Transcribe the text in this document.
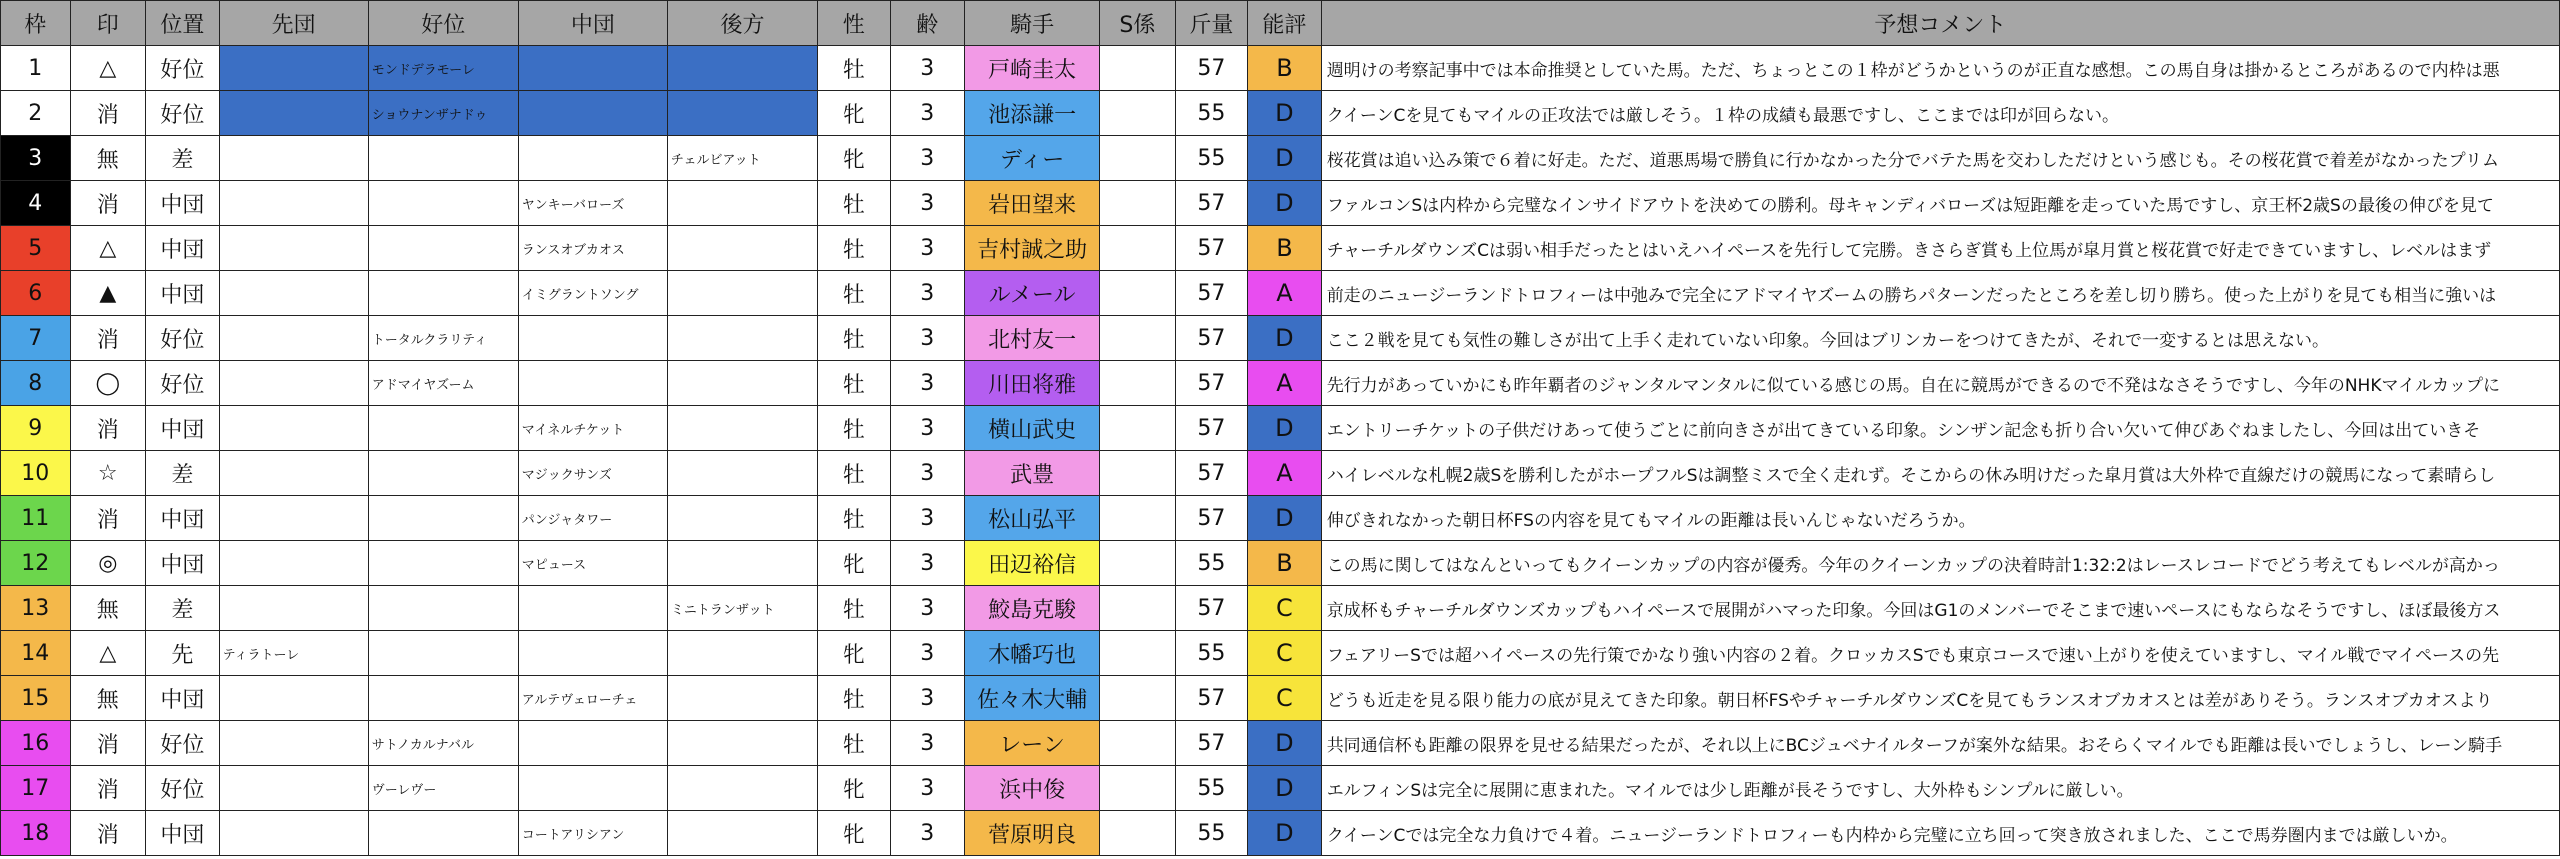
枠	印	位置	先団	好位	中団	後方	性	齢	騎手	S係	斤量	能評	予想コメント
1	△	好位		モンドデラモーレ			牡	3	戸崎圭太		57	B	週明けの考察記事中では本命推奨としていた馬。ただ、ちょっとこの１枠がどうかというのが正直な感想。この馬自身は掛かるところがあるので内枠は悪
2	消	好位		ショウナンザナドゥ			牝	3	池添謙一		55	D	クイーンCを見てもマイルの正攻法では厳しそう。１枠の成績も最悪ですし、ここまでは印が回らない。
3	無	差				チェルビアット	牝	3	ディー		55	D	桜花賞は追い込み策で６着に好走。ただ、道悪馬場で勝負に行かなかった分でバテた馬を交わしただけという感じも。その桜花賞で着差がなかったプリム
4	消	中団			ヤンキーバローズ		牡	3	岩田望来		57	D	ファルコンSは内枠から完璧なインサイドアウトを決めての勝利。母キャンディバローズは短距離を走っていた馬ですし、京王杯2歳Sの最後の伸びを見て
5	△	中団			ランスオブカオス		牡	3	吉村誠之助		57	B	チャーチルダウンズCは弱い相手だったとはいえハイペースを先行して完勝。きさらぎ賞も上位馬が皐月賞と桜花賞で好走できていますし、レベルはまず
6	▲	中団			イミグラントソング		牡	3	ルメール		57	A	前走のニュージーランドトロフィーは中弛みで完全にアドマイヤズームの勝ちパターンだったところを差し切り勝ち。使った上がりを見ても相当に強いは
7	消	好位		トータルクラリティ			牡	3	北村友一		57	D	ここ２戦を見ても気性の難しさが出て上手く走れていない印象。今回はブリンカーをつけてきたが、それで一変するとは思えない。
8	◯	好位		アドマイヤズーム			牡	3	川田将雅		57	A	先行力があっていかにも昨年覇者のジャンタルマンタルに似ている感じの馬。自在に競馬ができるので不発はなさそうですし、今年のNHKマイルカップに
9	消	中団			マイネルチケット		牡	3	横山武史		57	D	エントリーチケットの子供だけあって使うごとに前向きさが出てきている印象。シンザン記念も折り合い欠いて伸びあぐねましたし、今回は出ていきそ
10	☆	差			マジックサンズ		牡	3	武豊		57	A	ハイレベルな札幌2歳Sを勝利したがホープフルSは調整ミスで全く走れず。そこからの休み明けだった皐月賞は大外枠で直線だけの競馬になって素晴らし
11	消	中団			パンジャタワー		牡	3	松山弘平		57	D	伸びきれなかった朝日杯FSの内容を見てもマイルの距離は長いんじゃないだろうか。
12	◎	中団			マピュース		牝	3	田辺裕信		55	B	この馬に関してはなんといってもクイーンカップの内容が優秀。今年のクイーンカップの決着時計1:32:2はレースレコードでどう考えてもレベルが高かっ
13	無	差				ミニトランザット	牡	3	鮫島克駿		57	C	京成杯もチャーチルダウンズカップもハイペースで展開がハマった印象。今回はG1のメンバーでそこまで速いペースにもならなそうですし、ほぼ最後方ス
14	△	先	ティラトーレ				牝	3	木幡巧也		55	C	フェアリーSでは超ハイペースの先行策でかなり強い内容の２着。クロッカスSでも東京コースで速い上がりを使えていますし、マイル戦でマイペースの先
15	無	中団			アルテヴェローチェ		牡	3	佐々木大輔		57	C	どうも近走を見る限り能力の底が見えてきた印象。朝日杯FSやチャーチルダウンズCを見てもランスオブカオスとは差がありそう。ランスオブカオスより
16	消	好位		サトノカルナバル			牡	3	レーン		57	D	共同通信杯も距離の限界を見せる結果だったが、それ以上にBCジュベナイルターフが案外な結果。おそらくマイルでも距離は長いでしょうし、レーン騎手
17	消	好位		ヴーレヴー			牝	3	浜中俊		55	D	エルフィンSは完全に展開に恵まれた。マイルでは少し距離が長そうですし、大外枠もシンプルに厳しい。
18	消	中団			コートアリシアン		牝	3	菅原明良		55	D	クイーンCでは完全な力負けで４着。ニュージーランドトロフィーも内枠から完璧に立ち回って突き放されました、ここで馬券圏内までは厳しいか。
